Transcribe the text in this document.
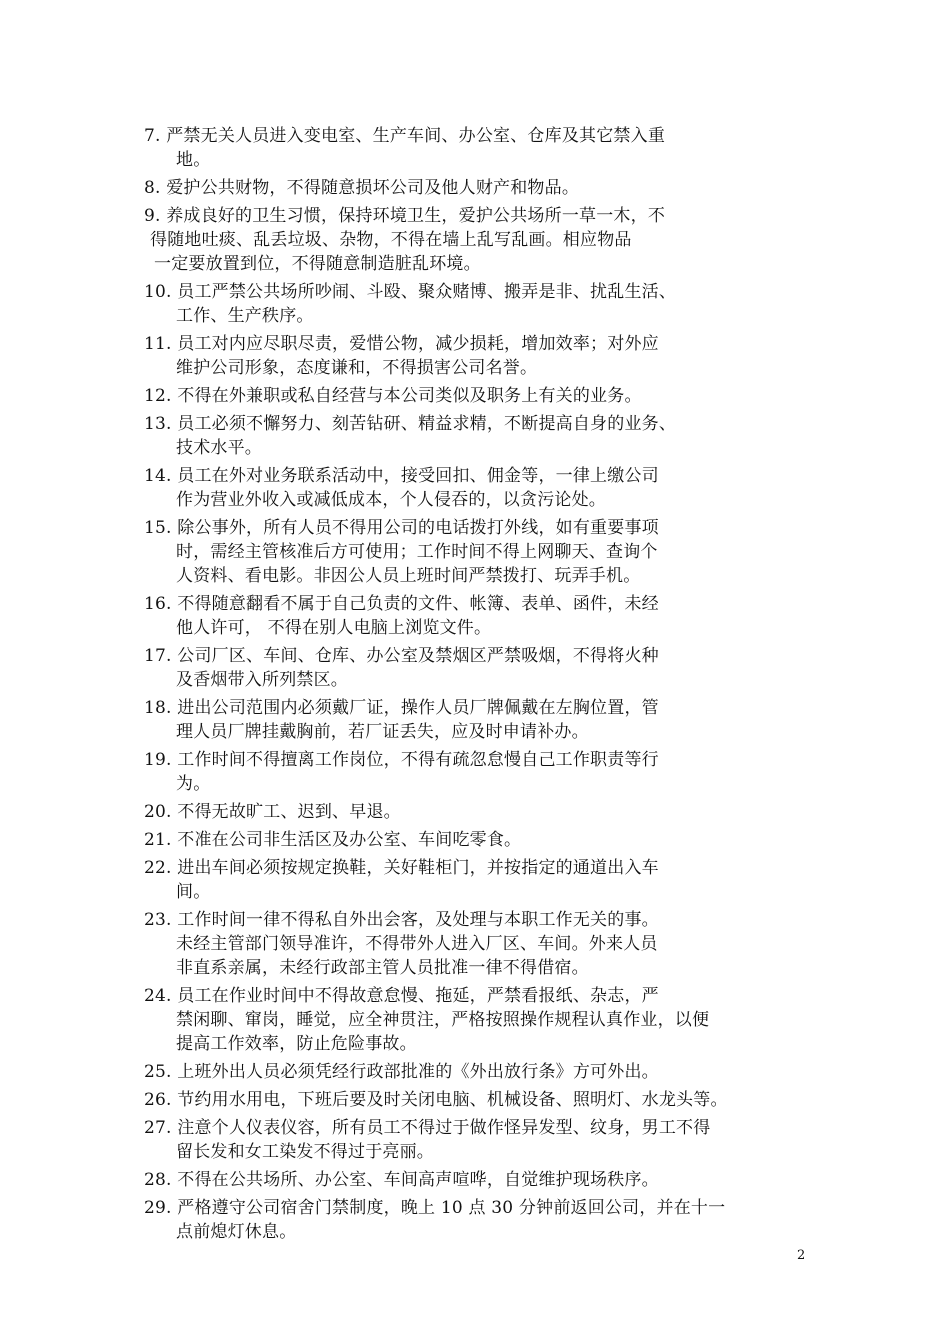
7. 严禁无关人员进入变电室、生产车间、办公室、仓库及其它禁入重
地。
8. 爱护公共财物，不得随意损坏公司及他人财产和物品。
9. 养成良好的卫生习惯，保持环境卫生，爱护公共场所一草一木，不
得随地吐痰、乱丢垃圾、杂物，不得在墙上乱写乱画。相应物品
一定要放置到位，不得随意制造脏乱环境。
10. 员工严禁公共场所吵闹、斗殴、聚众赌博、搬弄是非、扰乱生活、
工作、生产秩序。
11. 员工对内应尽职尽责，爱惜公物，减少损耗，增加效率；对外应
维护公司形象，态度谦和，不得损害公司名誉。
12. 不得在外兼职或私自经营与本公司类似及职务上有关的业务。
13. 员工必须不懈努力、刻苦钻研、精益求精，不断提高自身的业务、
技术水平。
14. 员工在外对业务联系活动中，接受回扣、佣金等，一律上缴公司
作为营业外收入或减低成本，个人侵吞的，以贪污论处。
15. 除公事外，所有人员不得用公司的电话拨打外线，如有重要事项
时，需经主管核准后方可使用；工作时间不得上网聊天、查询个
人资料、看电影。非因公人员上班时间严禁拨打、玩弄手机。
16. 不得随意翻看不属于自己负责的文件、帐簿、表单、函件，未经
他人许可， 不得在别人电脑上浏览文件。
17. 公司厂区、车间、仓库、办公室及禁烟区严禁吸烟，不得将火种
及香烟带入所列禁区。
18. 进出公司范围内必须戴厂证，操作人员厂牌佩戴在左胸位置，管
理人员厂牌挂戴胸前，若厂证丢失，应及时申请补办。
19. 工作时间不得擅离工作岗位，不得有疏忽怠慢自己工作职责等行
为。
20. 不得无故旷工、迟到、早退。
21. 不准在公司非生活区及办公室、车间吃零食。
22. 进出车间必须按规定换鞋，关好鞋柜门，并按指定的通道出入车
间。
23. 工作时间一律不得私自外出会客，及处理与本职工作无关的事。
未经主管部门领导准许，不得带外人进入厂区、车间。外来人员
非直系亲属，未经行政部主管人员批准一律不得借宿。
24. 员工在作业时间中不得故意怠慢、拖延，严禁看报纸、杂志，严
禁闲聊、窜岗，睡觉，应全神贯注，严格按照操作规程认真作业，以便
提高工作效率，防止危险事故。
25. 上班外出人员必须凭经行政部批准的《外出放行条》方可外出。
26. 节约用水用电，下班后要及时关闭电脑、机械设备、照明灯、水龙头等。
27. 注意个人仪表仪容，所有员工不得过于做作怪异发型、纹身，男工不得
留长发和女工染发不得过于亮丽。
28. 不得在公共场所、办公室、车间高声喧哗，自觉维护现场秩序。
29. 严格遵守公司宿舍门禁制度，晚上 10 点 30 分钟前返回公司，并在十一
点前熄灯休息。
2
